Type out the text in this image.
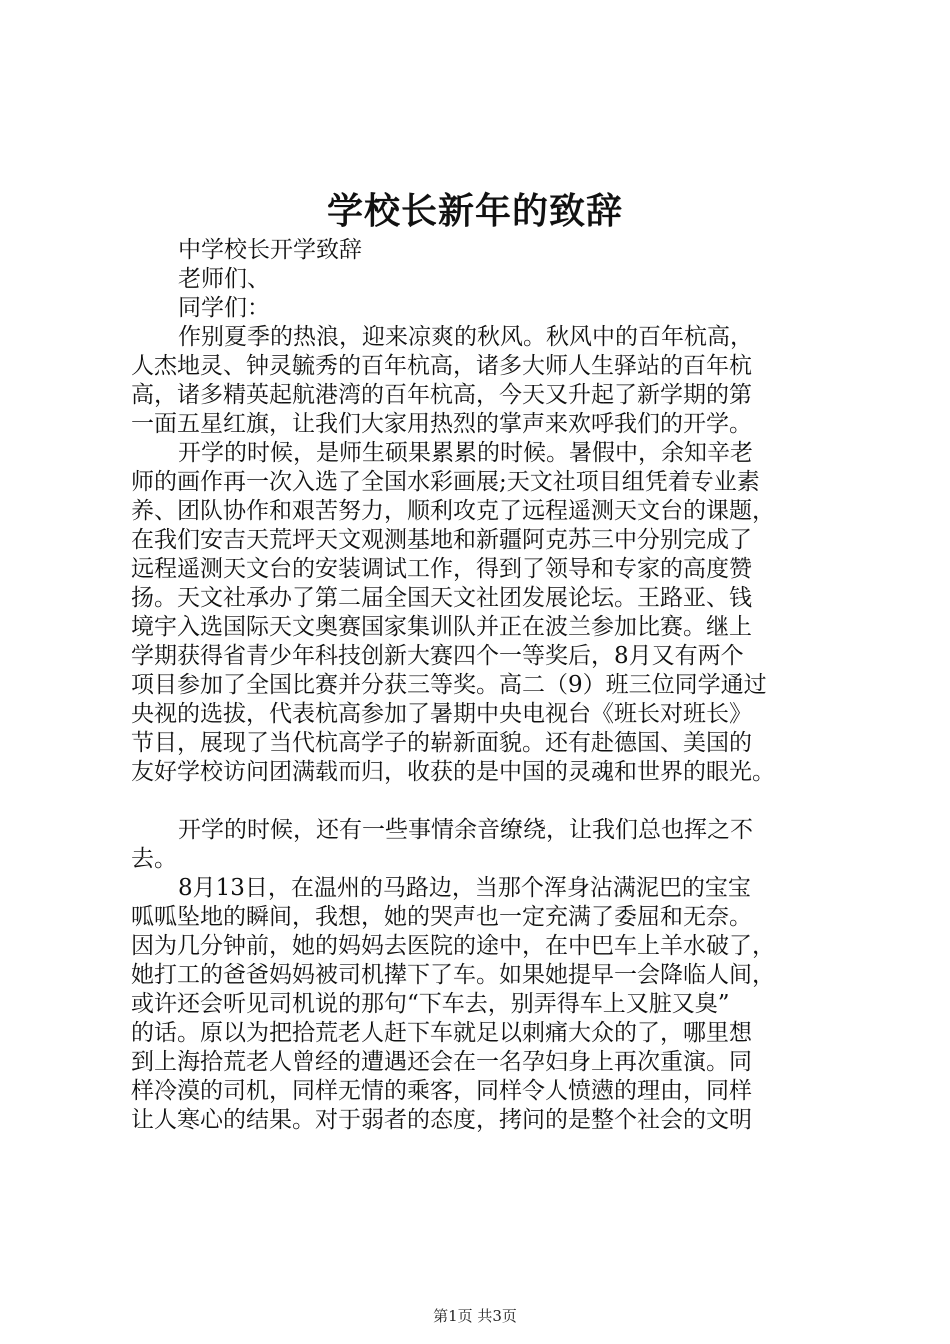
学校长新年的致辞
中学校长开学致辞
老师们、
同学们：
作别夏季的热浪，迎来凉爽的秋风。秋风中的百年杭高，
人杰地灵、钟灵毓秀的百年杭高，诸多大师人生驿站的百年杭
高，诸多精英起航港湾的百年杭高，今天又升起了新学期的第
一面五星红旗，让我们大家用热烈的掌声来欢呼我们的开学。
开学的时候，是师生硕果累累的时候。暑假中，余知辛老
师的画作再一次入选了全国水彩画展;天文社项目组凭着专业素
养、团队协作和艰苦努力，顺利攻克了远程遥测天文台的课题，
在我们安吉天荒坪天文观测基地和新疆阿克苏三中分别完成了
远程遥测天文台的安装调试工作，得到了领导和专家的高度赞
扬。天文社承办了第二届全国天文社团发展论坛。王路亚、钱
境宇入选国际天文奥赛国家集训队并正在波兰参加比赛。继上
学期获得省青少年科技创新大赛四个一等奖后，8月又有两个
项目参加了全国比赛并分获三等奖。高二（9）班三位同学通过
央视的选拔，代表杭高参加了暑期中央电视台《班长对班长》
节目，展现了当代杭高学子的崭新面貌。还有赴德国、美国的
友好学校访问团满载而归，收获的是中国的灵魂和世界的眼光。
开学的时候，还有一些事情余音缭绕，让我们总也挥之不
去。
8月13日，在温州的马路边，当那个浑身沾满泥巴的宝宝
呱呱坠地的瞬间，我想，她的哭声也一定充满了委屈和无奈。
因为几分钟前，她的妈妈去医院的途中，在中巴车上羊水破了，
她打工的爸爸妈妈被司机撵下了车。如果她提早一会降临人间，
或许还会听见司机说的那句“下车去，别弄得车上又脏又臭”
的话。原以为把拾荒老人赶下车就足以刺痛大众的了，哪里想
到上海拾荒老人曾经的遭遇还会在一名孕妇身上再次重演。同
样冷漠的司机，同样无情的乘客，同样令人愤懑的理由，同样
让人寒心的结果。对于弱者的态度，拷问的是整个社会的文明
第1页 共3页
